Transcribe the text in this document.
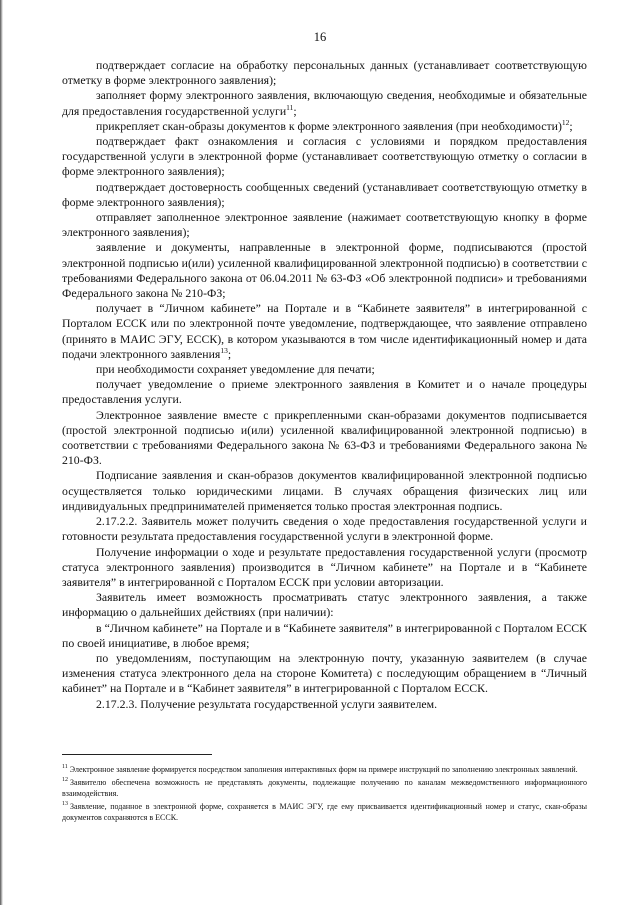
16

подтверждает согласие на обработку персональных данных (устанавливает соответствующую отметку в форме электронного заявления);

заполняет форму электронного заявления, включающую сведения, необходимые и обязательные для предоставления государственной услуги$^{11}$;

прикрепляет скан-образы документов к форме электронного заявления (при необходимости)$^{12}$;

подтверждает факт ознакомления и согласия с условиями и порядком предоставления государственной услуги в электронной форме (устанавливает соответствующую отметку о согласии в форме электронного заявления);

подтверждает достоверность сообщенных сведений (устанавливает соответствующую отметку в форме электронного заявления);

отправляет заполненное электронное заявление (нажимает соответствующую кнопку в форме электронного заявления);

заявление и документы, направленные в электронной форме, подписываются (простой электронной подписью и(или) усиленной квалифицированной электронной подписью) в соответствии с требованиями Федерального закона от 06.04.2011 № 63-ФЗ «Об электронной подписи» и требованиями Федерального закона № 210-ФЗ;

получает в “Личном кабинете” на Портале и в “Кабинете заявителя” в интегрированной с Порталом ЕССК или по электронной почте уведомление, подтверждающее, что заявление отправлено (принято в МАИС ЭГУ, ЕССК), в котором указываются в том числе идентификационный номер и дата подачи электронного заявления$^{13}$;

при необходимости сохраняет уведомление для печати;

получает уведомление о приеме электронного заявления в Комитет и о начале процедуры предоставления услуги.

Электронное заявление вместе с прикрепленными скан-образами документов подписывается (простой электронной подписью и(или) усиленной квалифицированной электронной подписью) в соответствии с требованиями Федерального закона № 63-ФЗ и требованиями Федерального закона № 210-ФЗ.

Подписание заявления и скан-образов документов квалифицированной электронной подписью осуществляется только юридическими лицами. В случаях обращения физических лиц или индивидуальных предпринимателей применяется только простая электронная подпись.

2.17.2.2. Заявитель может получить сведения о ходе предоставления государственной услуги и готовности результата предоставления государственной услуги в электронной форме.

Получение информации о ходе и результате предоставления государственной услуги (просмотр статуса электронного заявления) производится в “Личном кабинете” на Портале и в “Кабинете заявителя” в интегрированной с Порталом ЕССК при условии авторизации.

Заявитель имеет возможность просматривать статус электронного заявления, а также информацию о дальнейших действиях (при наличии):

в “Личном кабинете” на Портале и в “Кабинете заявителя” в интегрированной с Порталом ЕССК по своей инициативе, в любое время;

по уведомлениям, поступающим на электронную почту, указанную заявителем (в случае изменения статуса электронного дела на стороне Комитета) с последующим обращением в “Личный кабинет” на Портале и в “Кабинет заявителя” в интегрированной с Порталом ЕССК.

2.17.2.3. Получение результата государственной услуги заявителем.

$^{11}$ Электронное заявление формируется посредством заполнения интерактивных форм на примере инструкций по заполнению электронных заявлений.

$^{12}$ Заявителю обеспечена возможность не представлять документы, подлежащие получению по каналам межведомственного информационного взаимодействия.

$^{13}$ Заявление, поданное в электронной форме, сохраняется в МАИС ЭГУ, где ему присваивается идентификационный номер и статус, скан-образы документов сохраняются в ЕССК.
